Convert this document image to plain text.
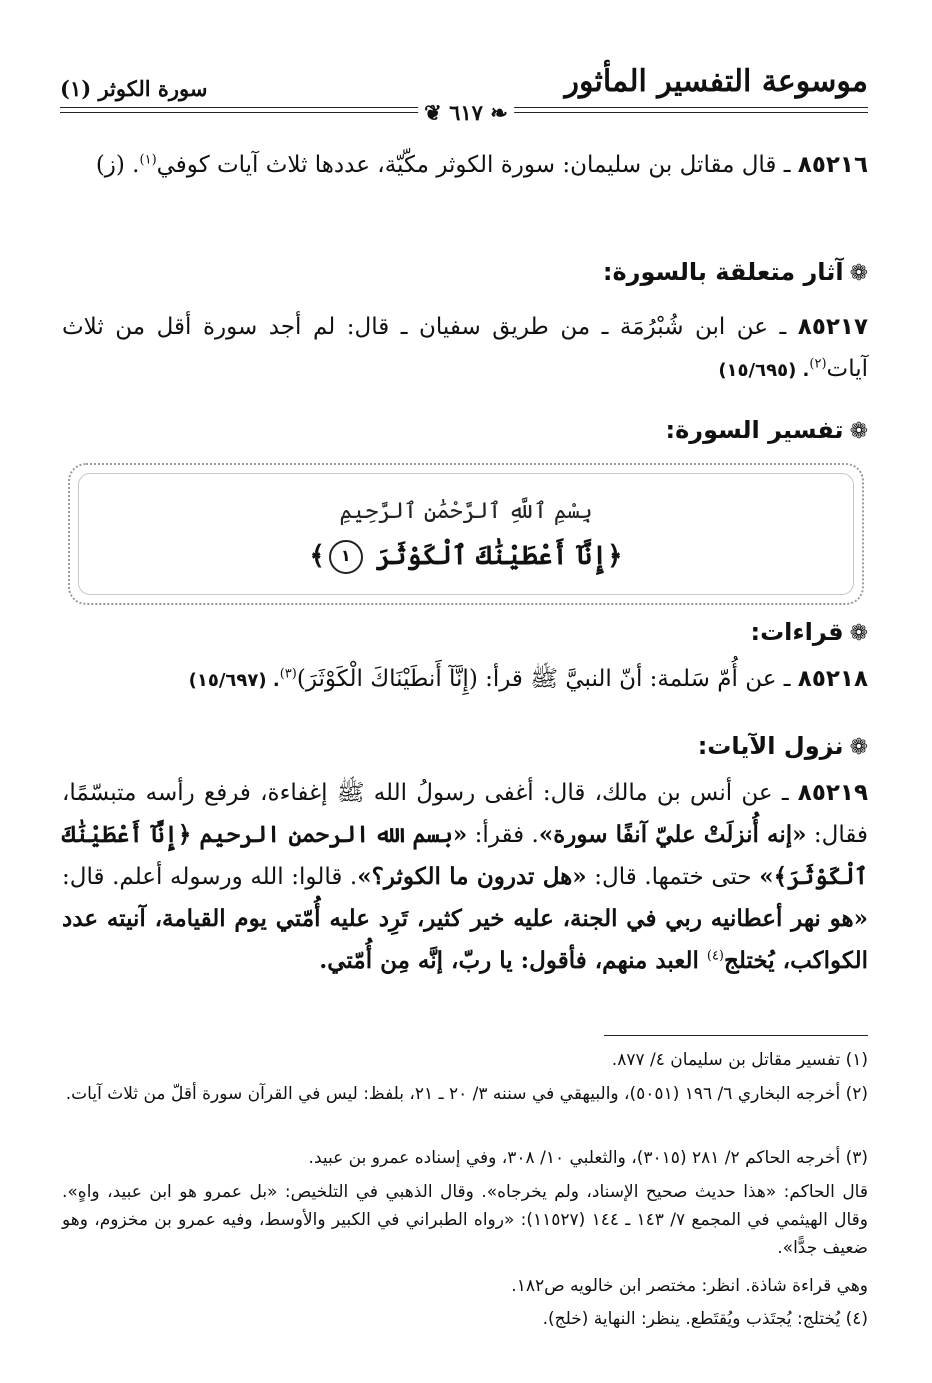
موسوعة التفسير المأثور
سورة الكوثر (١)
❦ ٦١٧ ❧
٨٥٢١٦ ـ قال مقاتل بن سليمان: سورة الكوثر مكّيّة، عددها ثلاث آيات كوفي$^{(١)}$. (ز)
❁آثار متعلقة بالسورة:
٨٥٢١٧ ـ عن ابن شُبْرُمَة ـ من طريق سفيان ـ قال: لم أجد سورة أقل من ثلاث آيات$^{(٢)}$. (١٥/٦٩٥)
❁تفسير السورة:
بِسْمِ ٱللَّهِ ٱلرَّحْمَٰنِ ٱلرَّحِيمِ
﴿إِنَّآ أَعْطَيْنَٰكَ ٱلْكَوْثَرَ ١﴾
❁قراءات:
٨٥٢١٨ ـ عن أُمّ سَلمة: أنّ النبيَّ ﷺ قرأ: (إِنَّآ أَنطَيْنَاكَ الْكَوْثَرَ)$^{(٣)}$. (١٥/٦٩٧)
❁نزول الآيات:
٨٥٢١٩ ـ عن أنس بن مالك، قال: أغفى رسولُ الله ﷺ إغفاءة، فرفع رأسه متبسّمًا، فقال: «إنه أُنزلَتْ عليّ آنفًا سورة». فقرأ: «بسم الله الرحمن الرحيم ﴿إِنَّآ أَعْطَيْنَٰكَ ٱلْكَوْثَرَ﴾» حتى ختمها. قال: «هل تدرون ما الكوثر؟». قالوا: الله ورسوله أعلم. قال: «هو نهر أعطانيه ربي في الجنة، عليه خير كثير، تَرِد عليه أُمّتي يوم القيامة، آنيته عدد الكواكب، يُختلج$^{(٤)}$ العبد منهم، فأقول: يا ربّ، إنَّه مِن أُمّتي.
(١) تفسير مقاتل بن سليمان ٤/ ٨٧٧.
(٢) أخرجه البخاري ٦/ ١٩٦ (٥٠٥١)، والبيهقي في سننه ٣/ ٢٠ ـ ٢١، بلفظ: ليس في القرآن سورة أقلّ من ثلاث آيات.
(٣) أخرجه الحاكم ٢/ ٢٨١ (٣٠١٥)، والثعلبي ١٠/ ٣٠٨، وفي إسناده عمرو بن عبيد.
قال الحاكم: «هذا حديث صحيح الإسناد، ولم يخرجاه». وقال الذهبي في التلخيص: «بل عمرو هو ابن عبيد، واهٍ». وقال الهيثمي في المجمع ٧/ ١٤٣ ـ ١٤٤ (١١٥٢٧): «رواه الطبراني في الكبير والأوسط، وفيه عمرو بن مخزوم، وهو ضعيف جدًّا».
وهي قراءة شاذة. انظر: مختصر ابن خالويه ص١٨٢.
(٤) يُختلج: يُجتَذب ويُقتَطع. ينظر: النهاية (خلج).
